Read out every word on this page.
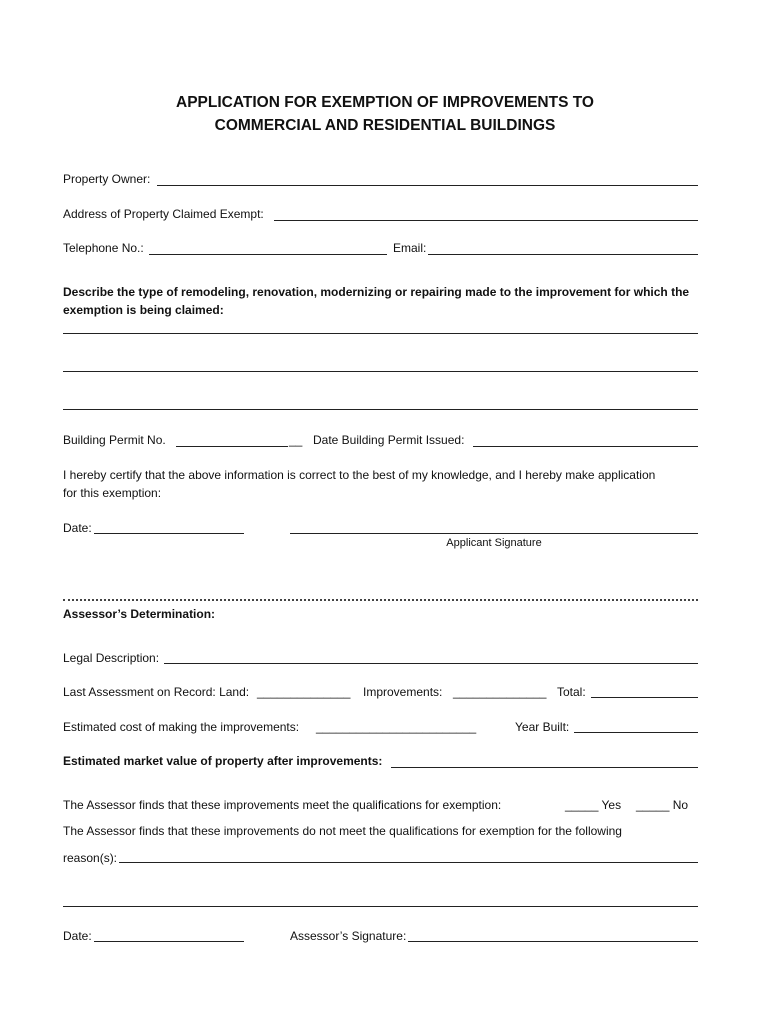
APPLICATION FOR EXEMPTION OF IMPROVEMENTS TO
COMMERCIAL AND RESIDENTIAL BUILDINGS
Property Owner:
Address of Property Claimed Exempt:
Telephone No.:	Email:
Describe the type of remodeling, renovation, modernizing or repairing made to the improvement for which the
exemption is being claimed:
Building Permit No.	__ Date Building Permit Issued:
I hereby certify that the above information is correct to the best of my knowledge, and I hereby make application
for this exemption:
Date:
Applicant Signature
Assessor’s Determination:
Legal Description:
Last Assessment on Record: Land: ______________ Improvements: ______________ Total:
Estimated cost of making the improvements: ________________________	Year Built:
Estimated market value of property after improvements:
The Assessor finds that these improvements meet the qualifications for exemption:	_____ Yes _____ No
The Assessor finds that these improvements do not meet the qualifications for exemption for the following
reason(s):
Date:	Assessor’s Signature:
